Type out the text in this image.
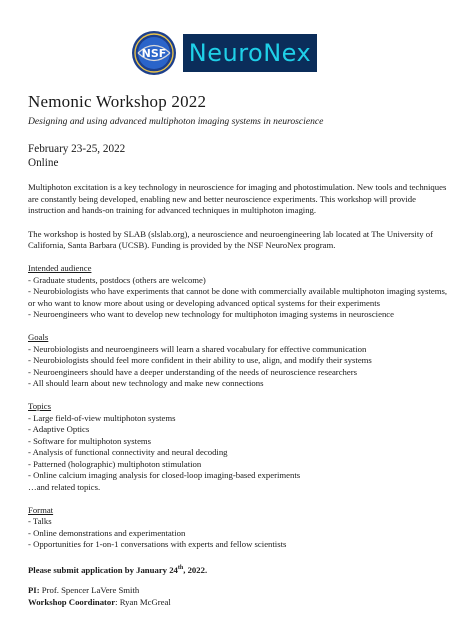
NSF NeuroNex
Nemonic Workshop 2022
Designing and using advanced multiphoton imaging systems in neuroscience
February 23-25, 2022
Online
Multiphoton excitation is a key technology in neuroscience for imaging and photostimulation. New tools and techniques are constantly being developed, enabling new and better neuroscience experiments. This workshop will provide instruction and hands-on training for advanced techniques in multiphoton imaging.
The workshop is hosted by SLAB (slslab.org), a neuroscience and neuroengineering lab located at The University of California, Santa Barbara (UCSB). Funding is provided by the NSF NeuroNex program.
Intended audience
- Graduate students, postdocs (others are welcome)
- Neurobiologists who have experiments that cannot be done with commercially available multiphoton imaging systems, or who want to know more about using or developing advanced optical systems for their experiments
- Neuroengineers who want to develop new technology for multiphoton imaging systems in neuroscience
Goals
- Neurobiologists and neuroengineers will learn a shared vocabulary for effective communication
- Neurobiologists should feel more confident in their ability to use, align, and modify their systems
- Neuroengineers should have a deeper understanding of the needs of neuroscience researchers
- All should learn about new technology and make new connections
Topics
- Large field-of-view multiphoton systems
- Adaptive Optics
- Software for multiphoton systems
- Analysis of functional connectivity and neural decoding
- Patterned (holographic) multiphoton stimulation
- Online calcium imaging analysis for closed-loop imaging-based experiments
…and related topics.
Format
- Talks
- Online demonstrations and experimentation
- Opportunities for 1-on-1 conversations with experts and fellow scientists
Please submit application by January 24th, 2022.
PI: Prof. Spencer LaVere Smith
Workshop Coordinator: Ryan McGreal
